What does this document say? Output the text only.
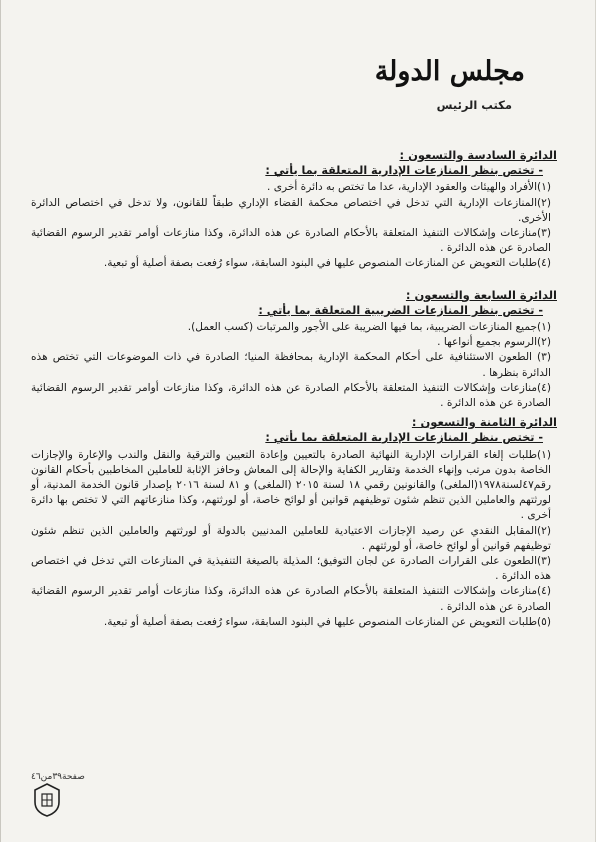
مجلس الدولة
مكتب الرئيس

الدائرة السادسة والتسعون :

- تختص بنظر المنازعات الإدارية المتعلقة بما يأتي :

(١)الأفراد والهيئات والعقود الإدارية، عدا ما تختص به دائرة أخرى .

(٢)المنازعات الإدارية التي تدخل في اختصاص محكمة القضاء الإداري طبقاً للقانون، ولا تدخل في اختصاص الدائرة الأخرى.

(٣)منازعات وإشكالات التنفيذ المتعلقة بالأحكام الصادرة عن هذه الدائرة، وكذا منازعات أوامر تقدير الرسوم القضائية الصادرة عن هذه الدائرة .

(٤)طلبات التعويض عن المنازعات المنصوص عليها في البنود السابقة، سواء رُفعت بصفة أصلية أو تبعية.

الدائرة السابعة والتسعون :

- تختص بنظر المنازعات الضريبية المتعلقة بما يأتي :

(١)جميع المنازعات الضريبية، بما فيها الضريبة على الأجور والمرتبات (كسب العمل).

(٢)الرسوم بجميع أنواعها .

(٣) الطعون الاستئنافية على أحكام المحكمة الإدارية بمحافظة المنيا؛ الصادرة في ذات الموضوعات التي تختص هذه الدائرة بنظرها .

(٤)منازعات وإشكالات التنفيذ المتعلقة بالأحكام الصادرة عن هذه الدائرة، وكذا منازعات أوامر تقدير الرسوم القضائية الصادرة عن هذه الدائرة .

الدائرة الثامنة والتسعون :

- تختص بنظر المنازعات الإدارية المتعلقة بما يأتي :

(١)طلبات إلغاء القرارات الإدارية النهائية الصادرة بالتعيين وإعادة التعيين والترقية والنقل والندب والإعارة والإجازات الخاصة بدون مرتب وإنهاء الخدمة وتقارير الكفاية والإحالة إلى المعاش وحافز الإثابة للعاملين المخاطبين بأحكام القانون رقم٤٧لسنة١٩٧٨(الملغى) والقانونين رقمي ١٨ لسنة ٢٠١٥ (الملغى) و ٨١ لسنة ٢٠١٦ بإصدار قانون الخدمة المدنية، أو لورثتهم والعاملين الذين تنظم شئون توظيفهم قوانين أو لوائح خاصة، أو لورثتهم، وكذا منازعاتهم التي لا تختص بها دائرة أخرى .

(٢)المقابل النقدي عن رصيد الإجازات الاعتيادية للعاملين المدنيين بالدولة أو لورثتهم والعاملين الذين تنظم شئون توظيفهم قوانين أو لوائح خاصة، أو لورثتهم .

(٣)الطعون على القرارات الصادرة عن لجان التوفيق؛ المذيلة بالصيغة التنفيذية في المنازعات التي تدخل في اختصاص هذه الدائرة .

(٤)منازعات وإشكالات التنفيذ المتعلقة بالأحكام الصادرة عن هذه الدائرة، وكذا منازعات أوامر تقدير الرسوم القضائية الصادرة عن هذه الدائرة .

(٥)طلبات التعويض عن المنازعات المنصوص عليها في البنود السابقة، سواء رُفعت بصفة أصلية أو تبعية.

صفحة٣٩من٤٦
